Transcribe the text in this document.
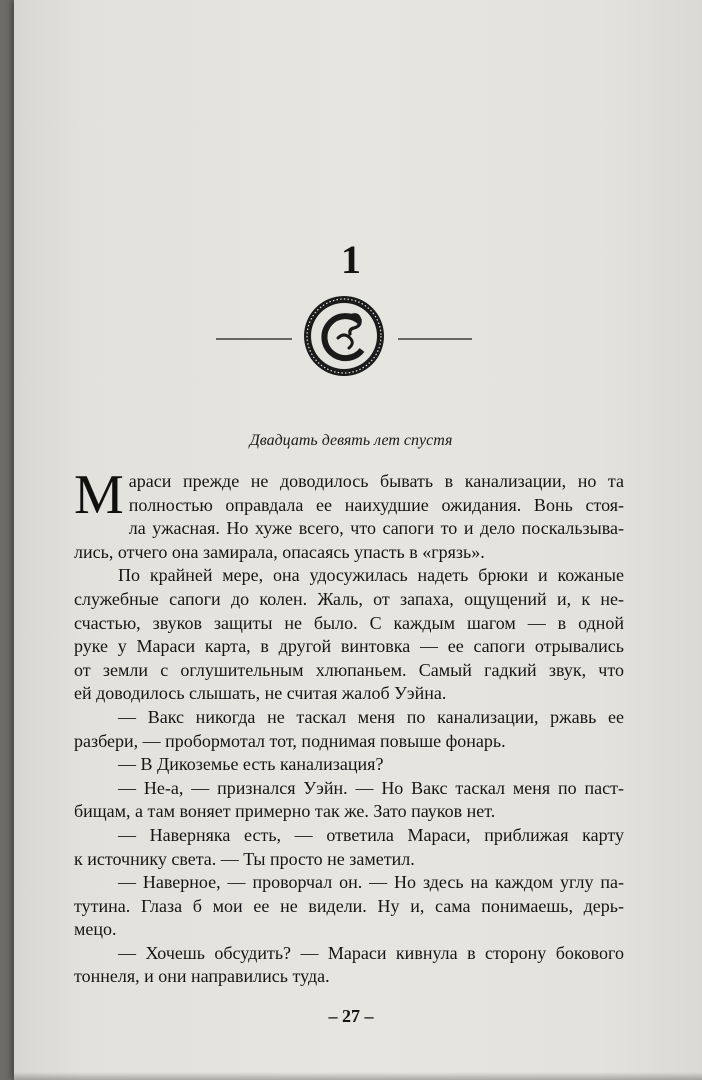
1
Двадцать девять лет спустя
М араси прежде не доводилось бывать в канализации, но та
полностью оправдала ее наихудшие ожидания. Вонь стоя-
ла ужасная. Но хуже всего, что сапоги то и дело поскальзыва-
лись, отчего она замирала, опасаясь упасть в «грязь».
По крайней мере, она удосужилась надеть брюки и кожаные
служебные сапоги до колен. Жаль, от запаха, ощущений и, к не-
счастью, звуков защиты не было. С каждым шагом — в одной
руке у Мараси карта, в другой винтовка — ее сапоги отрывались
от земли с оглушительным хлюпаньем. Самый гадкий звук, что
ей доводилось слышать, не считая жалоб Уэйна.
— Вакс никогда не таскал меня по канализации, ржавь ее
разбери, — пробормотал тот, поднимая повыше фонарь.
— В Дикоземье есть канализация?
— Не-а, — признался Уэйн. — Но Вакс таскал меня по паст-
бищам, а там воняет примерно так же. Зато пауков нет.
— Наверняка есть, — ответила Мараси, приближая карту
к источнику света. — Ты просто не заметил.
— Наверное, — проворчал он. — Но здесь на каждом углу па-
тутина. Глаза б мои ее не видели. Ну и, сама понимаешь, дерь-
мецо.
— Хочешь обсудить? — Мараси кивнула в сторону бокового
тоннеля, и они направились туда.
– 27 –
